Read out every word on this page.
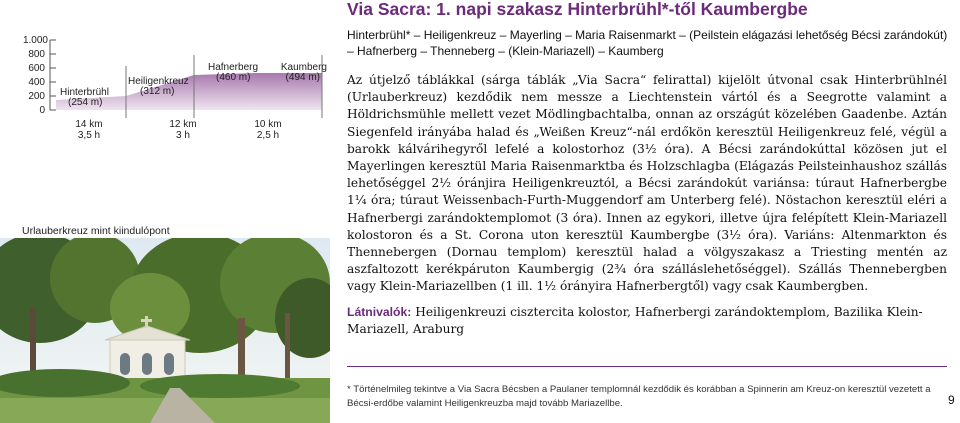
1.000
800
600
400
200
0
Hinterbrühl
(254 m)
Heiligenkreuz
(312 m)
Hafnerberg
(460 m)
Kaumberg
(494 m)
14 km
3,5 h
12 km
3 h
10 km
2,5 h
Urlauberkreuz mint kiindulópont
Via Sacra: 1. napi szakasz Hinterbrühl*-től Kaumbergbe

Hinterbrühl* – Heiligenkreuz – Mayerling – Maria Raisenmarkt – (Peilstein elágazási lehetőség Bécsi zarándokút) – Hafnerberg – Thenneberg – (Klein-Mariazell) – Kaumberg

Az útjelző táblákkal (sárga táblák „Via Sacra“ felirattal) kijelölt útvonal csak Hinterbrühlnél (Urlauberkreuz) kezdődik nem messze a Liechtenstein vártól és a Seegrotte valamint a Höldrichsmühle mellett vezet Mödlingbachtalba, onnan az országút közelében Gaadenbe. Aztán Siegenfeld irányába halad és „Weißen Kreuz“-nál erdőkön keresztül Heiligenkreuz felé, végül a barokk kálvárihegyről lefelé a kolostorhoz (3½ óra). A Bécsi zarándokúttal közösen jut el Mayerlingen keresztül Maria Raisenmarktba és Holzschlagba (Elágazás Peilsteinhaushoz szállás lehetőséggel 2½ óránjira Heiligenkreuztól, a Bécsi zarándokút variánsa: túraut Hafnerbergbe 1¼ óra; túraut Weissenbach-Furth-Muggendorf am Unterberg felé). Nöstachon keresztül eléri a Hafnerbergi zarándoktemplomot (3 óra). Innen az egykori, illetve újra felépített Klein-Mariazell kolostoron és a St. Corona uton keresztül Kaumbergbe (3½ óra). Variáns: Altenmarkton és Thennebergen (Dornau templom) keresztül halad a völgyszakasz a Triesting mentén az aszfaltozott kerékpáruton Kaumbergig (2¾ óra szálláslehetőséggel). Szállás Thennebergben vagy Klein-Mariazellben (1 ill. 1½ órányira Hafnerbergtől) vagy csak Kaumbergben.

Látnivalók: Heiligenkreuzi cisztercita kolostor, Hafnerbergi zarándoktemplom, Bazilika Klein-Mariazell, Araburg

* Történelmileg tekintve a Via Sacra Bécsben a Paulaner templomnál kezdődik és korábban a Spinnerin am Kreuz-on keresztül vezetett a Bécsi-erdőbe valamint Heiligenkreuzba majd tovább Mariazellbe.	9
